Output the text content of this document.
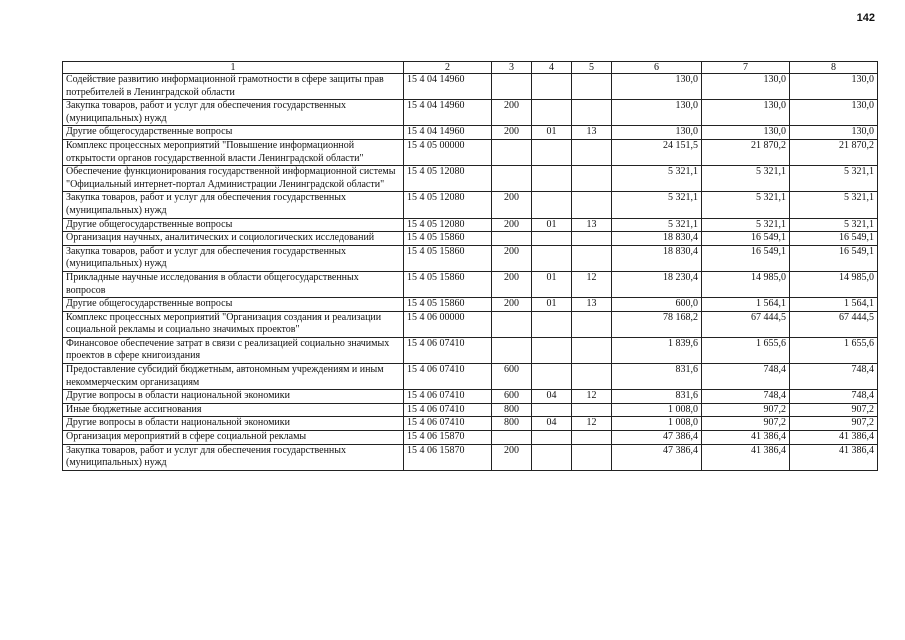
142
1	2	3	4	5	6	7	8
Содействие развитию информационной грамотности в сфере защиты прав потребителей в Ленинградской области	15 4 04 14960				130,0	130,0	130,0
Закупка товаров, работ и услуг для обеспечения государственных (муниципальных) нужд	15 4 04 14960	200			130,0	130,0	130,0
Другие общегосударственные вопросы	15 4 04 14960	200	01	13	130,0	130,0	130,0
Комплекс процессных мероприятий "Повышение информационной открытости органов государственной власти Ленинградской области"	15 4 05 00000				24 151,5	21 870,2	21 870,2
Обеспечение функционирования государственной информационной системы "Официальный интернет-портал Администрации Ленинградской области"	15 4 05 12080				5 321,1	5 321,1	5 321,1
Закупка товаров, работ и услуг для обеспечения государственных (муниципальных) нужд	15 4 05 12080	200			5 321,1	5 321,1	5 321,1
Другие общегосударственные вопросы	15 4 05 12080	200	01	13	5 321,1	5 321,1	5 321,1
Организация научных, аналитических и социологических исследований	15 4 05 15860				18 830,4	16 549,1	16 549,1
Закупка товаров, работ и услуг для обеспечения государственных (муниципальных) нужд	15 4 05 15860	200			18 830,4	16 549,1	16 549,1
Прикладные научные исследования в области общегосударственных вопросов	15 4 05 15860	200	01	12	18 230,4	14 985,0	14 985,0
Другие общегосударственные вопросы	15 4 05 15860	200	01	13	600,0	1 564,1	1 564,1
Комплекс процессных мероприятий "Организация создания и реализации социальной рекламы и социально значимых проектов"	15 4 06 00000				78 168,2	67 444,5	67 444,5
Финансовое обеспечение затрат в связи с реализацией социально значимых проектов в сфере книгоиздания	15 4 06 07410				1 839,6	1 655,6	1 655,6
Предоставление субсидий бюджетным, автономным учреждениям и иным некоммерческим организациям	15 4 06 07410	600			831,6	748,4	748,4
Другие вопросы в области национальной экономики	15 4 06 07410	600	04	12	831,6	748,4	748,4
Иные бюджетные ассигнования	15 4 06 07410	800			1 008,0	907,2	907,2
Другие вопросы в области национальной экономики	15 4 06 07410	800	04	12	1 008,0	907,2	907,2
Организация мероприятий в сфере социальной рекламы	15 4 06 15870				47 386,4	41 386,4	41 386,4
Закупка товаров, работ и услуг для обеспечения государственных (муниципальных) нужд	15 4 06 15870	200			47 386,4	41 386,4	41 386,4
